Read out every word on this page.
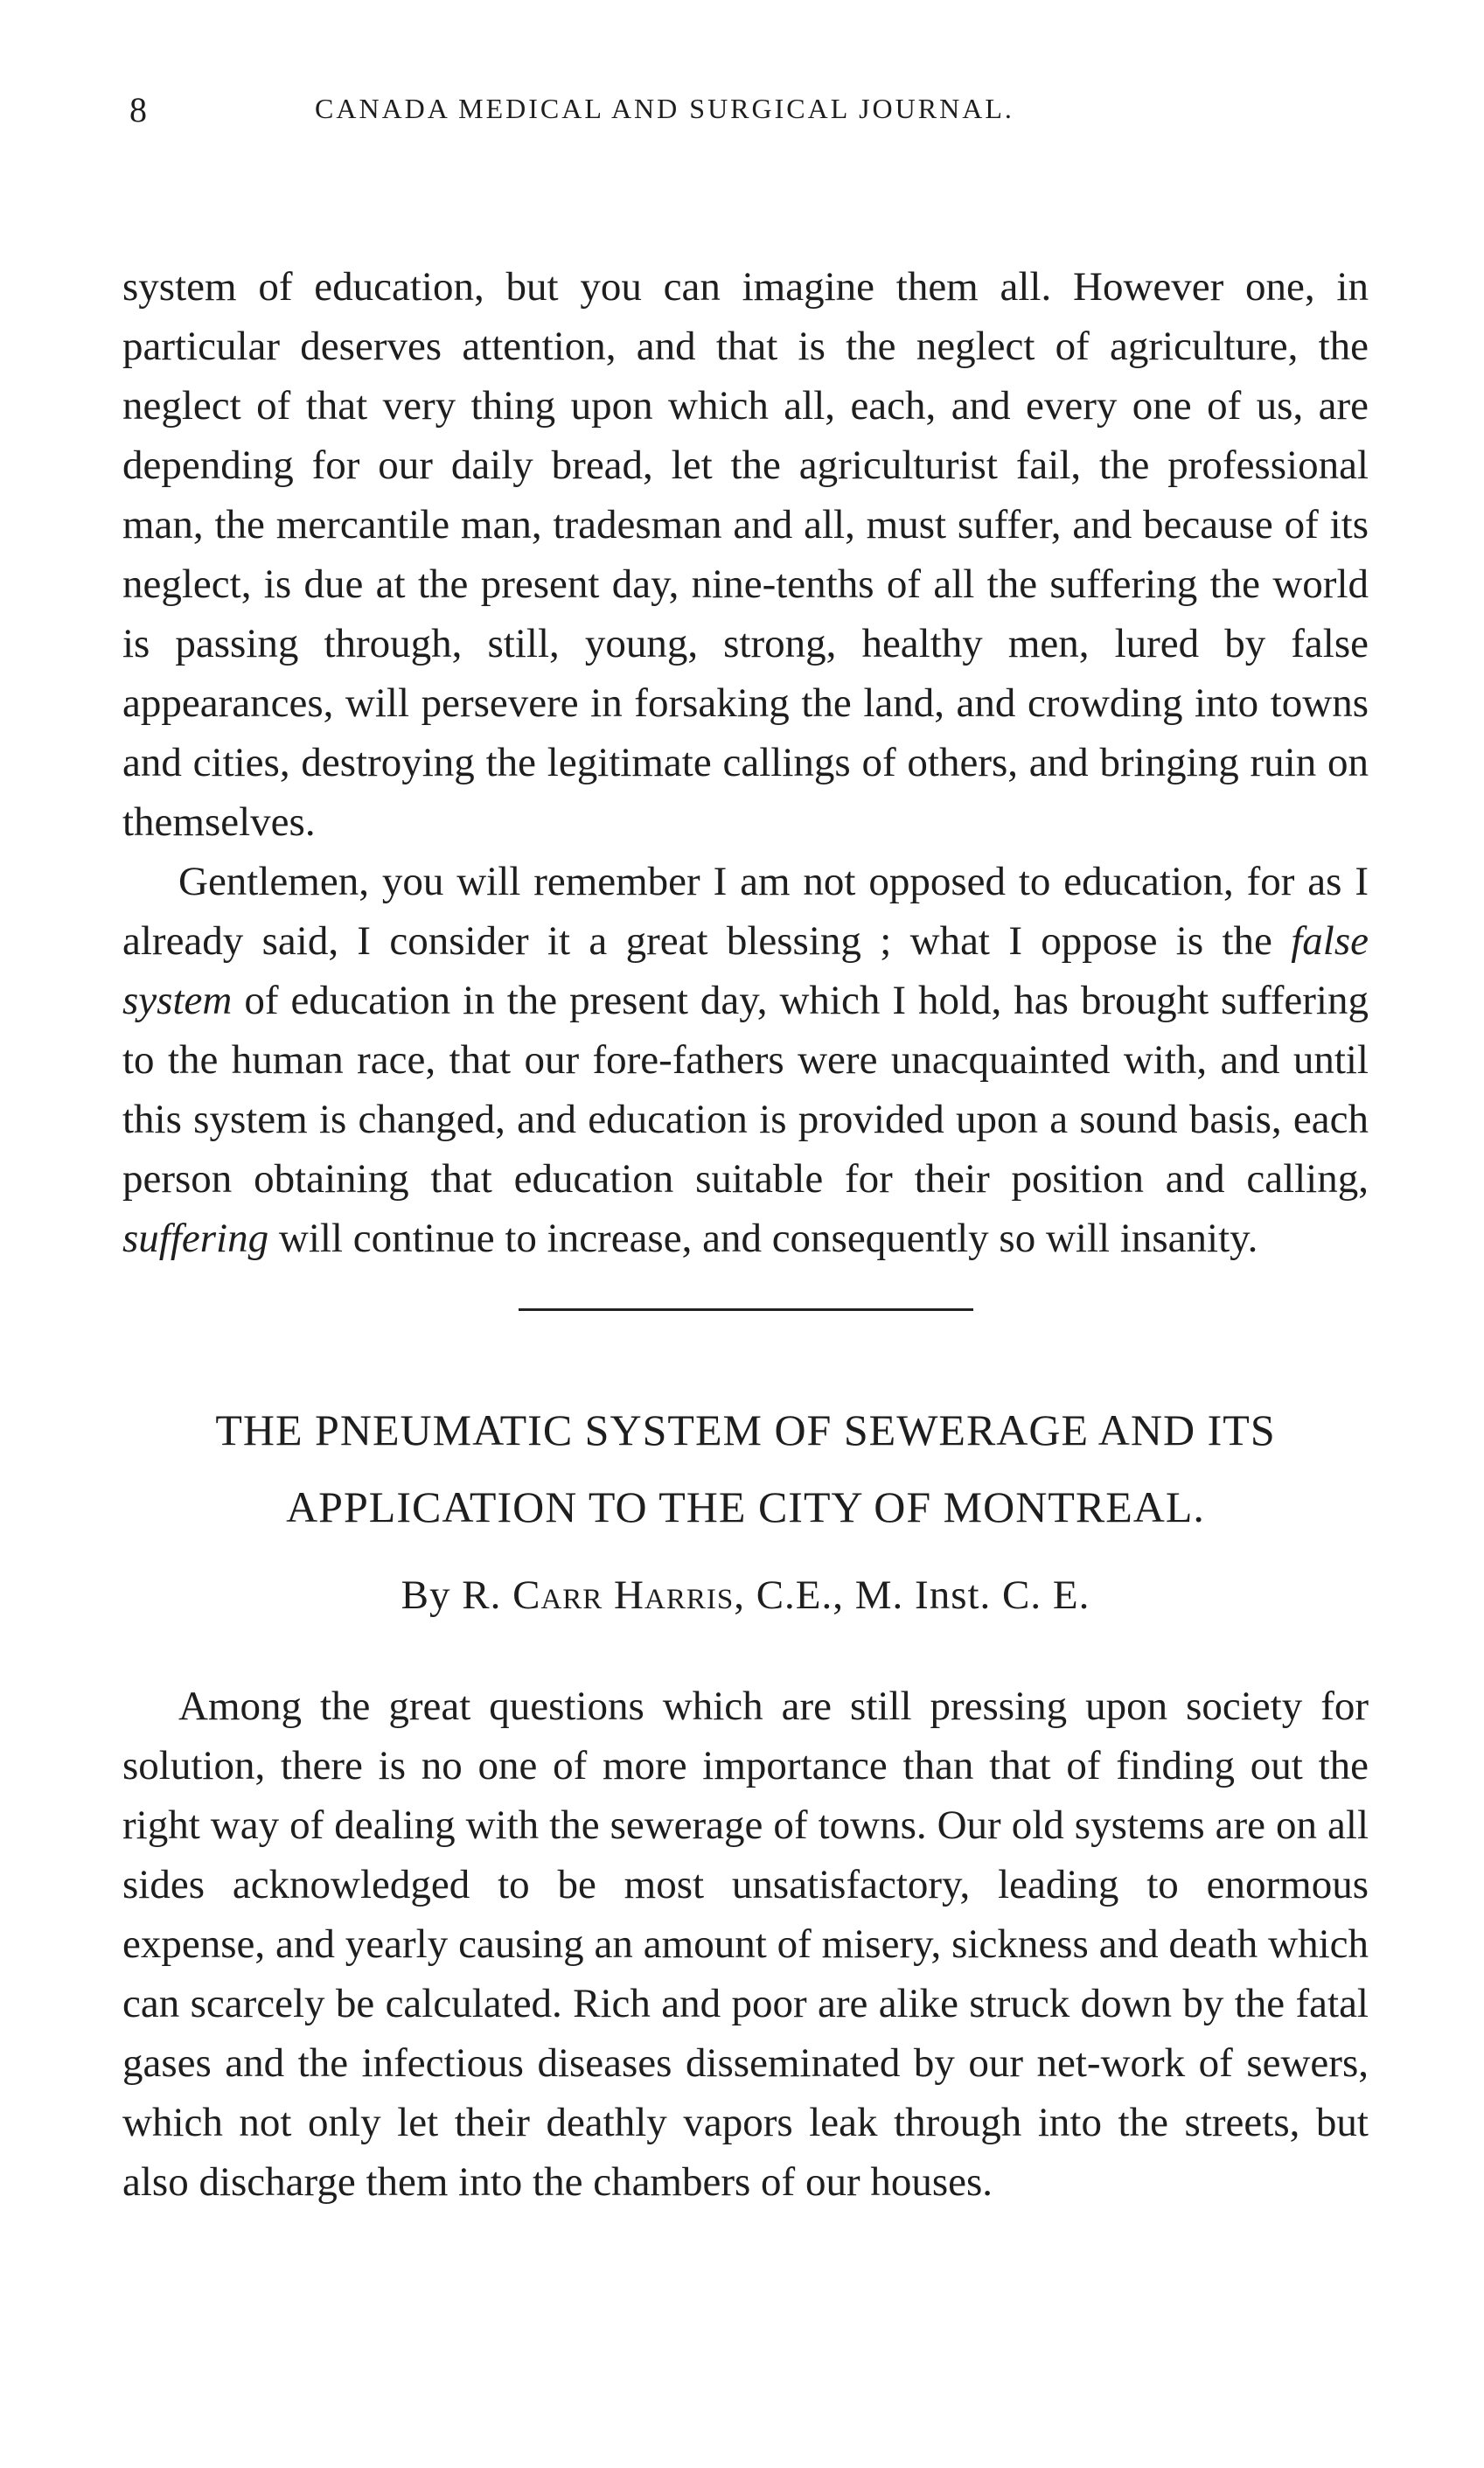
8	CANADA MEDICAL AND SURGICAL JOURNAL.

system of education, but you can imagine them all. However one, in particular deserves attention, and that is the neglect of agriculture, the neglect of that very thing upon which all, each, and every one of us, are depending for our daily bread, let the agriculturist fail, the professional man, the mercantile man, tradesman and all, must suffer, and because of its neglect, is due at the present day, nine-tenths of all the suffering the world is passing through, still, young, strong, healthy men, lured by false appearances, will persevere in forsaking the land, and crowding into towns and cities, destroying the legitimate callings of others, and bringing ruin on themselves.

Gentlemen, you will remember I am not opposed to education, for as I already said, I consider it a great blessing ; what I oppose is the false system of education in the present day, which I hold, has brought suffering to the human race, that our fore-fathers were unacquainted with, and until this system is changed, and education is provided upon a sound basis, each person obtaining that education suitable for their position and calling, suffering will continue to increase, and consequently so will insanity.

THE PNEUMATIC SYSTEM OF SEWERAGE AND ITS
APPLICATION TO THE CITY OF MONTREAL.

By R. Carr Harris, C.E., M. Inst. C. E.

Among the great questions which are still pressing upon society for solution, there is no one of more importance than that of finding out the right way of dealing with the sewerage of towns. Our old systems are on all sides acknowledged to be most unsatisfactory, leading to enormous expense, and yearly causing an amount of misery, sickness and death which can scarcely be calculated. Rich and poor are alike struck down by the fatal gases and the infectious diseases disseminated by our net-work of sewers, which not only let their deathly vapors leak through into the streets, but also discharge them into the chambers of our houses.
